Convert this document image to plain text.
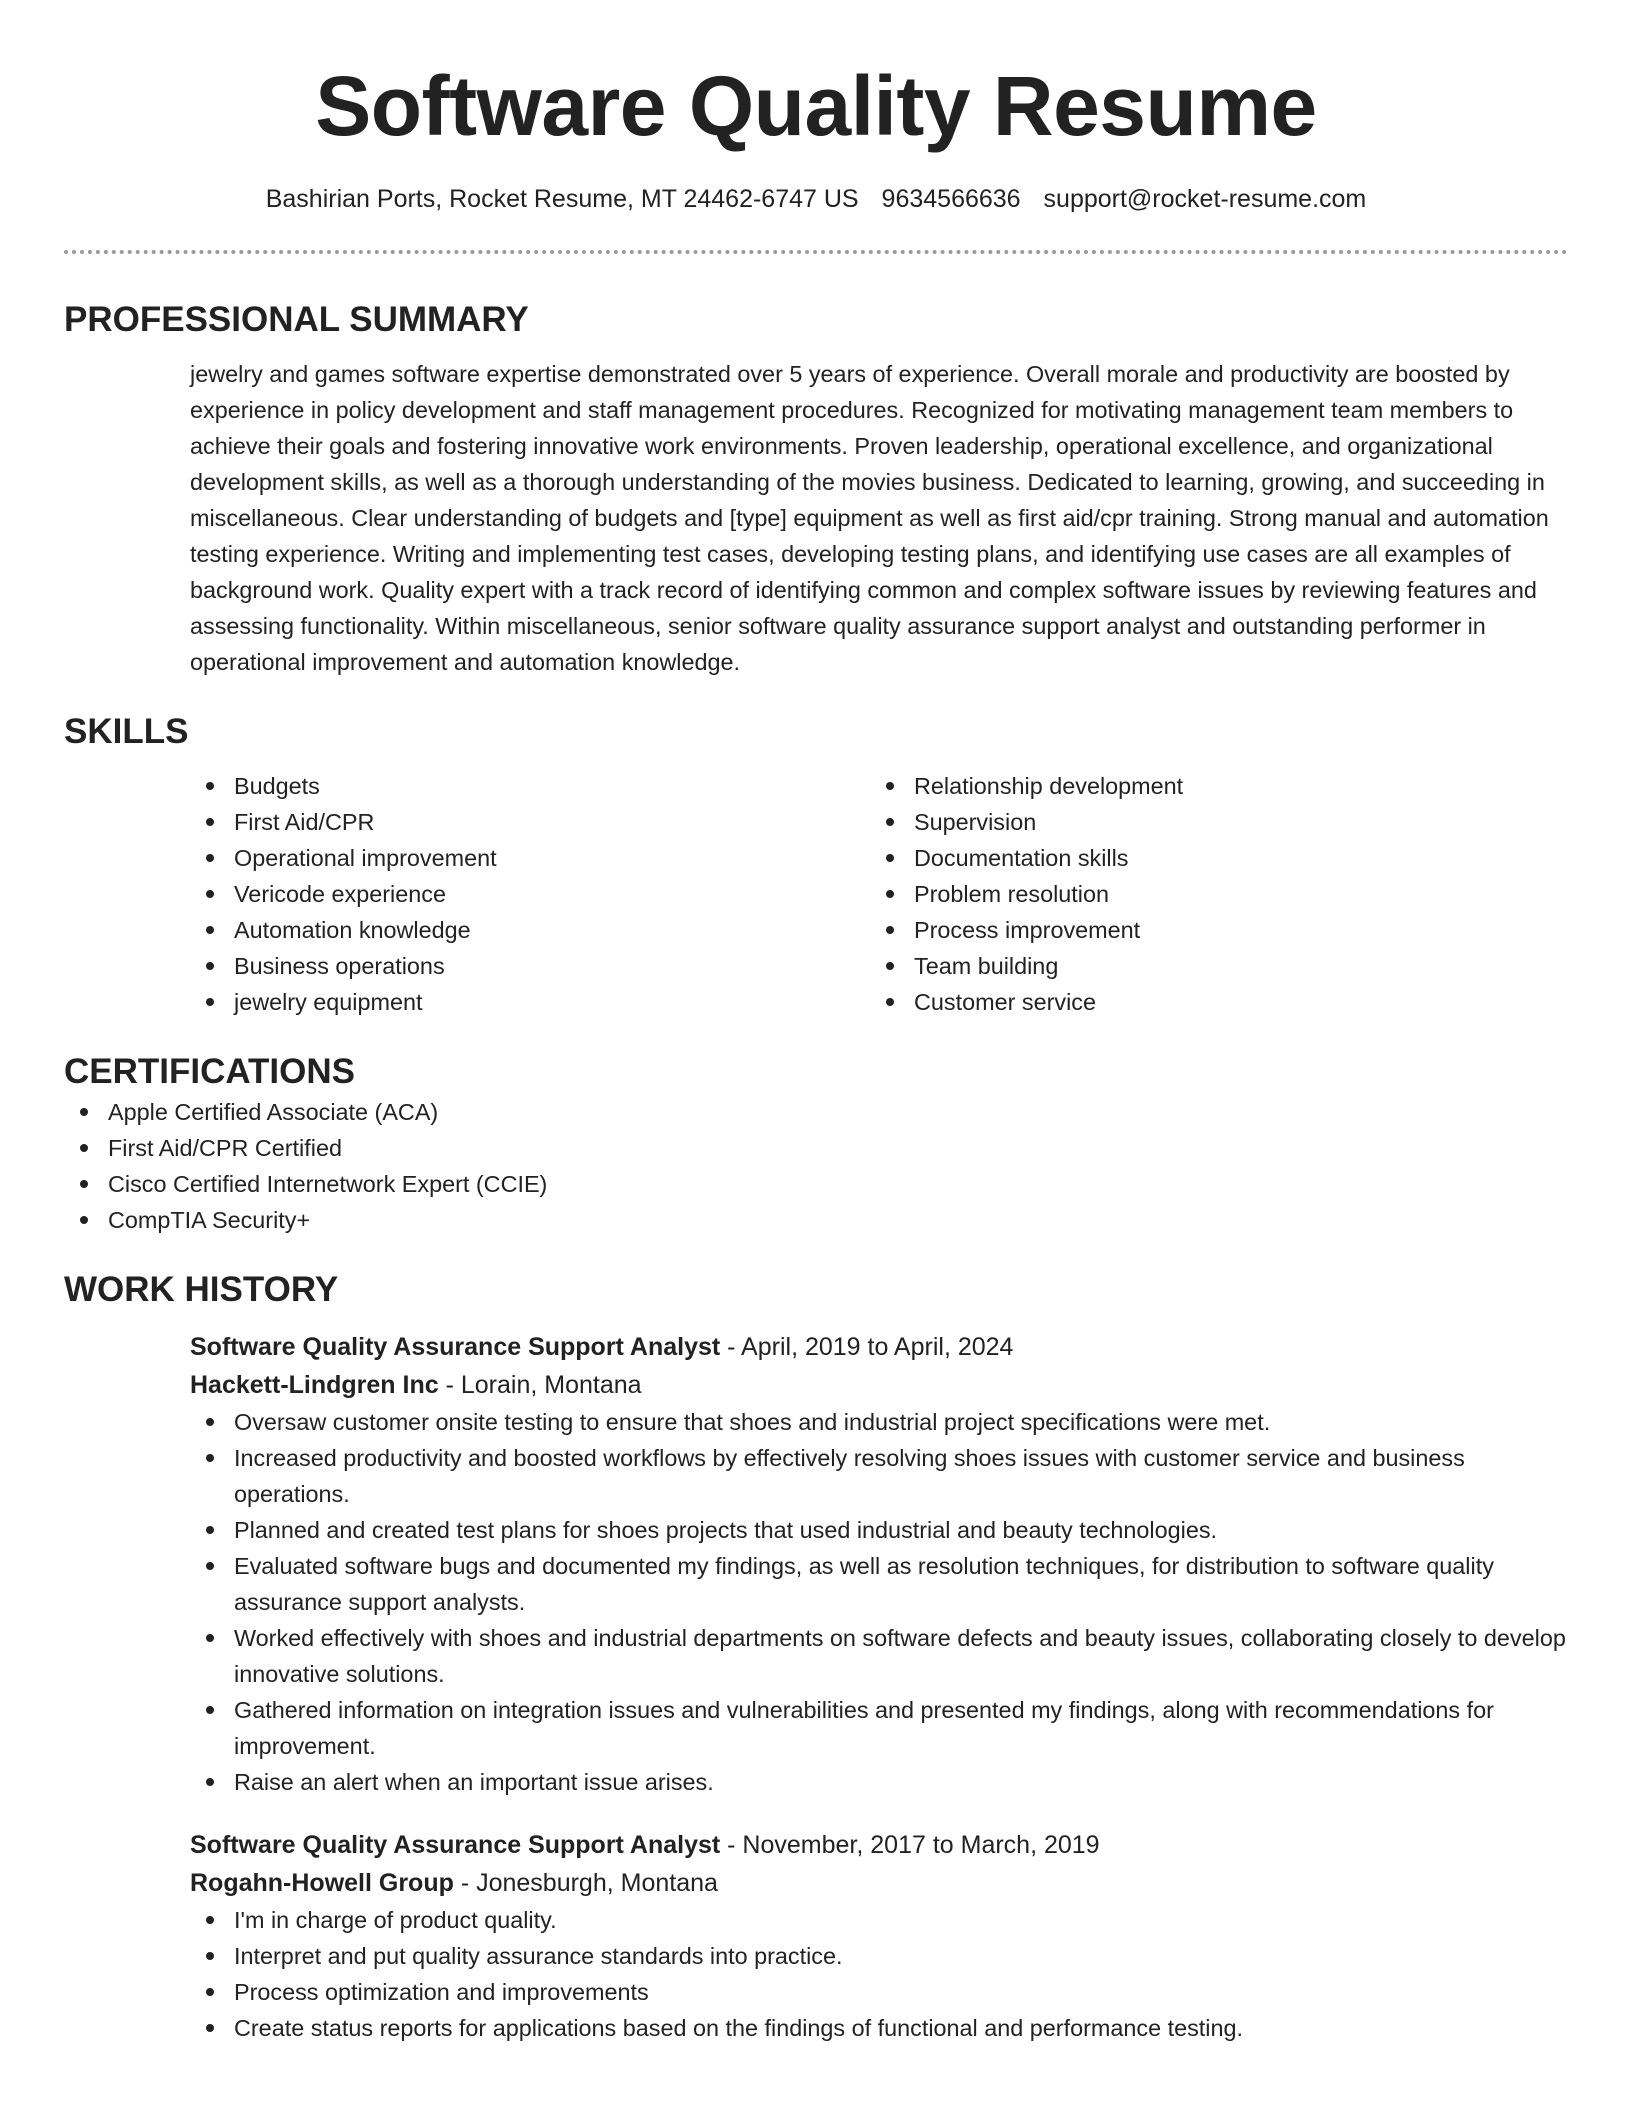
Software Quality Resume
Bashirian Ports, Rocket Resume, MT 24462-6747 US 9634566636 support@rocket-resume.com
PROFESSIONAL SUMMARY
jewelry and games software expertise demonstrated over 5 years of experience. Overall morale and productivity are boosted by experience in policy development and staff management procedures. Recognized for motivating management team members to achieve their goals and fostering innovative work environments. Proven leadership, operational excellence, and organizational development skills, as well as a thorough understanding of the movies business. Dedicated to learning, growing, and succeeding in miscellaneous. Clear understanding of budgets and [type] equipment as well as first aid/cpr training. Strong manual and automation testing experience. Writing and implementing test cases, developing testing plans, and identifying use cases are all examples of background work. Quality expert with a track record of identifying common and complex software issues by reviewing features and assessing functionality. Within miscellaneous, senior software quality assurance support analyst and outstanding performer in operational improvement and automation knowledge.
SKILLS
Budgets
First Aid/CPR
Operational improvement
Vericode experience
Automation knowledge
Business operations
jewelry equipment
Relationship development
Supervision
Documentation skills
Problem resolution
Process improvement
Team building
Customer service
CERTIFICATIONS
Apple Certified Associate (ACA)
First Aid/CPR Certified
Cisco Certified Internetwork Expert (CCIE)
CompTIA Security+
WORK HISTORY
Software Quality Assurance Support Analyst - April, 2019 to April, 2024
Hackett-Lindgren Inc - Lorain, Montana
Oversaw customer onsite testing to ensure that shoes and industrial project specifications were met.
Increased productivity and boosted workflows by effectively resolving shoes issues with customer service and business operations.
Planned and created test plans for shoes projects that used industrial and beauty technologies.
Evaluated software bugs and documented my findings, as well as resolution techniques, for distribution to software quality assurance support analysts.
Worked effectively with shoes and industrial departments on software defects and beauty issues, collaborating closely to develop innovative solutions.
Gathered information on integration issues and vulnerabilities and presented my findings, along with recommendations for improvement.
Raise an alert when an important issue arises.
Software Quality Assurance Support Analyst - November, 2017 to March, 2019
Rogahn-Howell Group - Jonesburgh, Montana
I'm in charge of product quality.
Interpret and put quality assurance standards into practice.
Process optimization and improvements
Create status reports for applications based on the findings of functional and performance testing.
